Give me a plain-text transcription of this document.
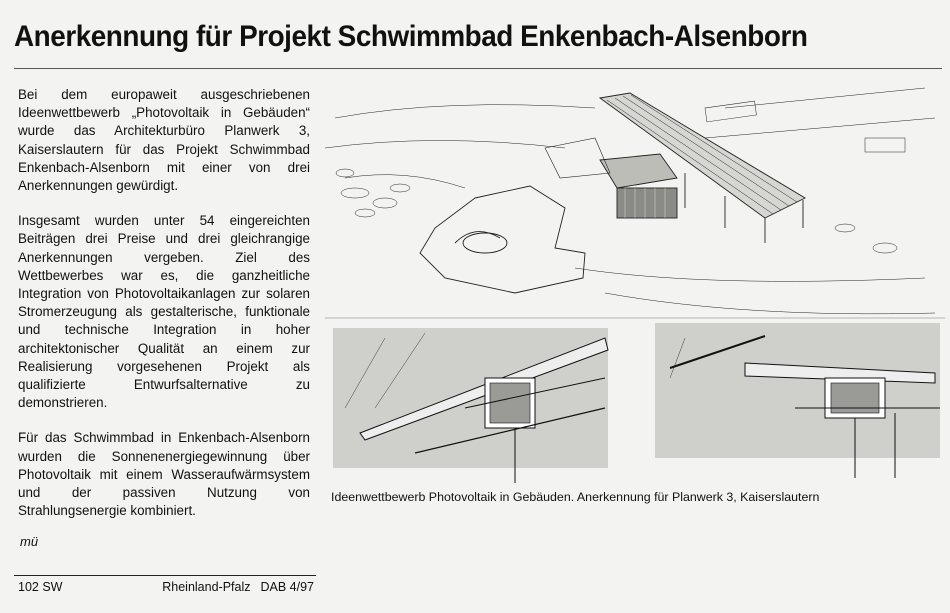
Anerkennung für Projekt Schwimmbad Enkenbach-Alsenborn

Bei dem europaweit ausgeschriebenen Ideenwettbewerb „Photovoltaik in Gebäuden“ wurde das Architekturbüro Planwerk 3, Kaiserslautern für das Projekt Schwimmbad Enkenbach-Alsenborn mit einer von drei Anerkennungen gewürdigt.

Insgesamt wurden unter 54 eingereichten Beiträgen drei Preise und drei gleichrangige Anerkennungen vergeben. Ziel des Wettbewerbes war es, die ganzheitliche Integration von Photovoltaikanlagen zur solaren Stromerzeugung als gestalterische, funktionale und technische Integration in hoher architektonischer Qualität an einem zur Realisierung vorgesehenen Projekt als qualifizierte Entwurfsalternative zu demonstrieren.

Für das Schwimmbad in Enkenbach-Alsenborn wurden die Sonnenenergiegewinnung über Photovoltaik mit einem Wasseraufwärmsystem und der passiven Nutzung von Strahlungsenergie kombiniert.

mü
102 SW	Rheinland-Pfalz DAB 4/97
Ideenwettbewerb Photovoltaik in Gebäuden. Anerkennung für Planwerk 3, Kaiserslautern
